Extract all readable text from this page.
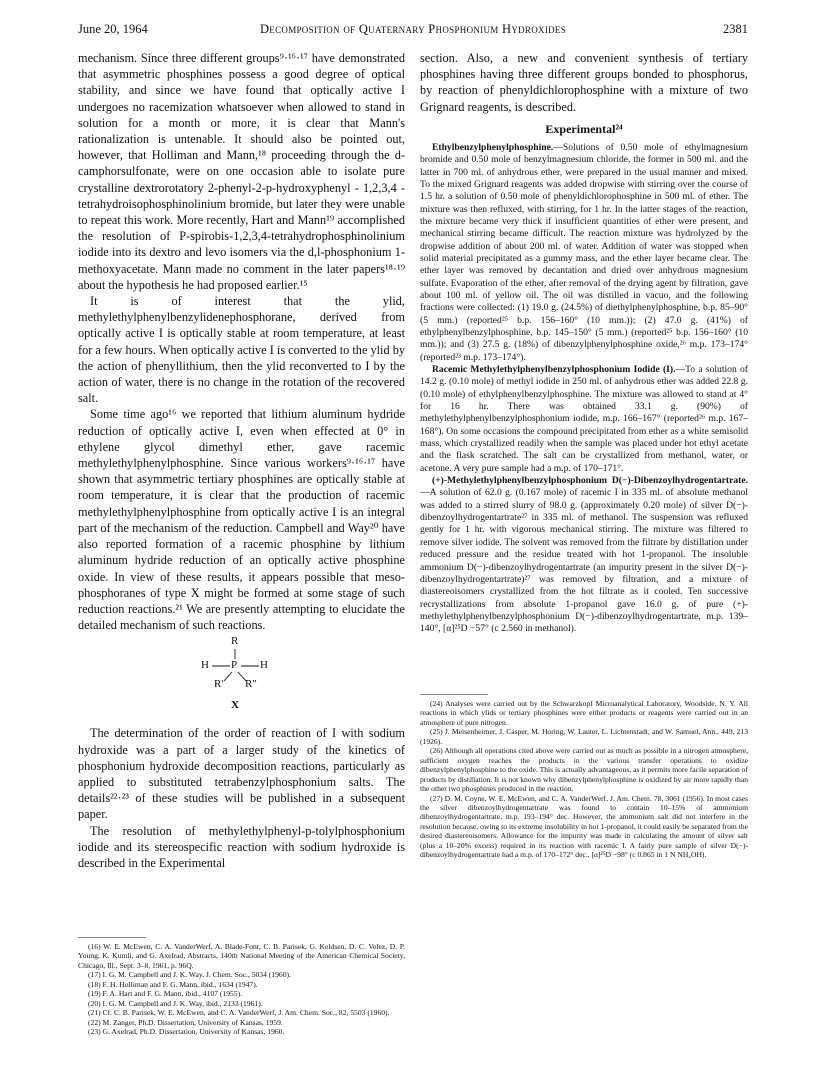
June 20, 1964	Decomposition of Quaternary Phosphonium Hydroxides	2381

mechanism. Since three different groups⁹·¹⁶·¹⁷ have demonstrated that asymmetric phosphines possess a good degree of optical stability, and since we have found that optically active I undergoes no racemization whatsoever when allowed to stand in solution for a month or more, it is clear that Mann's rationalization is untenable. It should also be pointed out, however, that Holliman and Mann,¹⁸ proceeding through the d-camphorsulfonate, were on one occasion able to isolate pure crystalline dextrorotatory 2-phenyl-2-p-hydroxyphenyl - 1,2,3,4 - tetrahydroisophosphinolinium bromide, but later they were unable to repeat this work. More recently, Hart and Mann¹⁹ accomplished the resolution of P-spirobis-1,2,3,4-tetrahydrophosphinolinium iodide into its dextro and levo isomers via the d,l-phosphonium 1-methoxyacetate. Mann made no comment in the later papers¹⁸·¹⁹ about the hypothesis he had proposed earlier.¹⁵

It is of interest that the ylid, methylethylphenylbenzylidenephosphorane, derived from optically active I is optically stable at room temperature, at least for a few hours. When optically active I is converted to the ylid by the action of phenyllithium, then the ylid reconverted to I by the action of water, there is no change in the rotation of the recovered salt.

Some time ago¹⁶ we reported that lithium aluminum hydride reduction of optically active I, even when effected at 0° in ethylene glycol dimethyl ether, gave racemic methylethylphenylphosphine. Since various workers⁹·¹⁶·¹⁷ have shown that asymmetric tertiary phosphines are optically stable at room temperature, it is clear that the production of racemic methylethylphenylphosphine from optically active I is an integral part of the mechanism of the reduction. Campbell and Way²⁰ have also reported formation of a racemic phosphine by lithium aluminum hydride reduction of an optically active phosphine oxide. In view of these results, it appears possible that meso-phosphoranes of type X might be formed at some stage of such reduction reactions.²¹ We are presently attempting to elucidate the detailed mechanism of such reactions.

R
H P H
R' R"
X

The determination of the order of reaction of I with sodium hydroxide was a part of a larger study of the kinetics of phosphonium hydroxide decomposition reactions, particularly as applied to substituted tetrabenzylphosphonium salts. The details²²·²³ of these studies will be published in a subsequent paper.

The resolution of methylethylphenyl-p-tolylphosphonium iodide and its stereospecific reaction with sodium hydroxide is described in the Experimental

(16) W. E. McEwen, C. A. VanderWerf, A. Blade-Font, C. B. Parisek, G. Keldsen, D. C. Velez, D. P. Young, K. Kumli, and G. Axelrad, Abstracts, 140th National Meeting of the American Chemical Society, Chicago, Ill., Sept. 3–8, 1961, p. 96Q.

(17) I. G. M. Campbell and J. K. Way, J. Chem. Soc., 5034 (1960).

(18) F. H. Holliman and F. G. Mann, ibid., 1634 (1947).

(19) F. A. Hart and F. G. Mann, ibid., 4107 (1955).

(20) I. G. M. Campbell and J. K. Way, ibid., 2133 (1961).

(21) Cf. C. B. Parisek, W. E. McEwen, and C. A. VanderWerf, J. Am. Chem. Soc., 82, 5503 (1960).

(22) M. Zanger, Ph.D. Dissertation, University of Kansas, 1959.

(23) G. Axelrad, Ph.D. Dissertation, University of Kansas, 1960.

section. Also, a new and convenient synthesis of tertiary phosphines having three different groups bonded to phosphorus, by reaction of phenyldichlorophosphine with a mixture of two Grignard reagents, is described.

Experimental²⁴

Ethylbenzylphenylphosphine.—Solutions of 0.50 mole of ethylmagnesium bromide and 0.50 mole of benzylmagnesium chloride, the former in 500 ml. and the latter in 700 ml. of anhydrous ether, were prepared in the usual manner and mixed. To the mixed Grignard reagents was added dropwise with stirring over the course of 1.5 hr. a solution of 0.50 mole of phenyldichlorophosphine in 500 ml. of ether. The mixture was then refluxed, with stirring, for 1 hr. In the latter stages of the reaction, the mixture became very thick if insufficient quantities of ether were present, and mechanical stirring became difficult. The reaction mixture was hydrolyzed by the dropwise addition of about 200 ml. of water. Addition of water was stopped when solid material precipitated as a gummy mass, and the ether layer became clear. The ether layer was removed by decantation and dried over anhydrous magnesium sulfate. Evaporation of the ether, after removal of the drying agent by filtration, gave about 100 ml. of yellow oil. The oil was distilled in vacuo, and the following fractions were collected: (1) 19.0 g. (24.5%) of diethylphenylphosphine, b.p. 85–90° (5 mm.) (reported²⁵ b.p. 156–160° (10 mm.)); (2) 47.0 g. (41%) of ethylphenylbenzylphosphine, b.p. 145–150° (5 mm.) (reported²⁵ b.p. 156–160° (10 mm.)); and (3) 27.5 g. (18%) of dibenzylphenylphosphine oxide,²⁶ m.p. 173–174° (reported²³ m.p. 173–174°).

Racemic Methylethylphenylbenzylphosphonium Iodide (I).—To a solution of 14.2 g. (0.10 mole) of methyl iodide in 250 ml. of anhydrous ether was added 22.8 g. (0.10 mole) of ethylphenylbenzylphosphine. The mixture was allowed to stand at 4° for 16 hr. There was obtained 33.1 g. (90%) of methylethylphenylbenzylphosphonium iodide, m.p. 166–167° (reported²⁶ m.p. 167–168°). On some occasions the compound precipitated from ether as a white semisolid mass, which crystallized readily when the sample was placed under hot ethyl acetate and the flask scratched. The salt can be crystallized from methanol, water, or acetone. A very pure sample had a m.p. of 170–171°.

(+)-Methylethylphenylbenzylphosphonium D(−)-Dibenzoylhydrogentartrate.—A solution of 62.0 g. (0.167 mole) of racemic I in 335 ml. of absolute methanol was added to a stirred slurry of 98.0 g. (approximately 0.20 mole) of silver D(−)-dibenzoylhydrogentartrate²⁷ in 335 ml. of methanol. The suspension was refluxed gently for 1 hr. with vigorous mechanical stirring. The mixture was filtered to remove silver iodide. The solvent was removed from the filtrate by distillation under reduced pressure and the residue treated with hot 1-propanol. The insoluble ammonium D(−)-dibenzoylhydrogentartrate (an impurity present in the silver D(−)-dibenzoylhydrogentartrate)²⁷ was removed by filtration, and a mixture of diastereoisomers crystallized from the hot filtrate as it cooled. Ten successive recrystallizations from absolute 1-propanol gave 16.0 g. of pure (+)-methylethylphenylbenzylphosphonium D(−)-dibenzoylhydrogentartrate, m.p. 139–140°, [α]²⁵D −57° (c 2.560 in methanol).

(24) Analyses were carried out by the Schwarzkopf Microanalytical Laboratory, Woodside, N. Y. All reactions in which ylids or tertiary phosphines were either products or reagents were carried out in an atmosphere of pure nitrogen.

(25) J. Meisenheimer, J. Casper, M. Horing, W. Lauter, L. Lichtenstadt, and W. Samuel, Ann., 449, 213 (1926).

(26) Although all operations cited above were carried out as much as possible in a nitrogen atmosphere, sufficient oxygen reaches the products in the various transfer operations to oxidize dibenzylphenylphosphine to the oxide. This is actually advantageous, as it permits more facile separation of products by distillation. It is not known why dibenzylphenylphosphine is oxidized by air more rapidly than the other two phosphines produced in the reaction.

(27) D. M. Coyne, W. E. McEwen, and C. A. VanderWerf, J. Am. Chem. 78, 3061 (1956). In most cases the silver dibenzoylhydrogentartrate was found to contain 10–15% of ammonium dibenzoylhydrogentartrate, m.p. 193–194° dec. However, the ammonium salt did not interfere in the resolution because, owing to its extreme insolubility in hot 1-propanol, it could easily be separated from the desired diastereoisomers. Allowance for the impurity was made in calculating the amount of silver salt (plus a 10–20% excess) required in its reaction with racemic I. A fairly pure sample of silver D(−)-dibenzoylhydrogentartrate had a m.p. of 170–172° dec., [α]²⁵D −98° (c 0.865 in 1 N NH₄OH).
